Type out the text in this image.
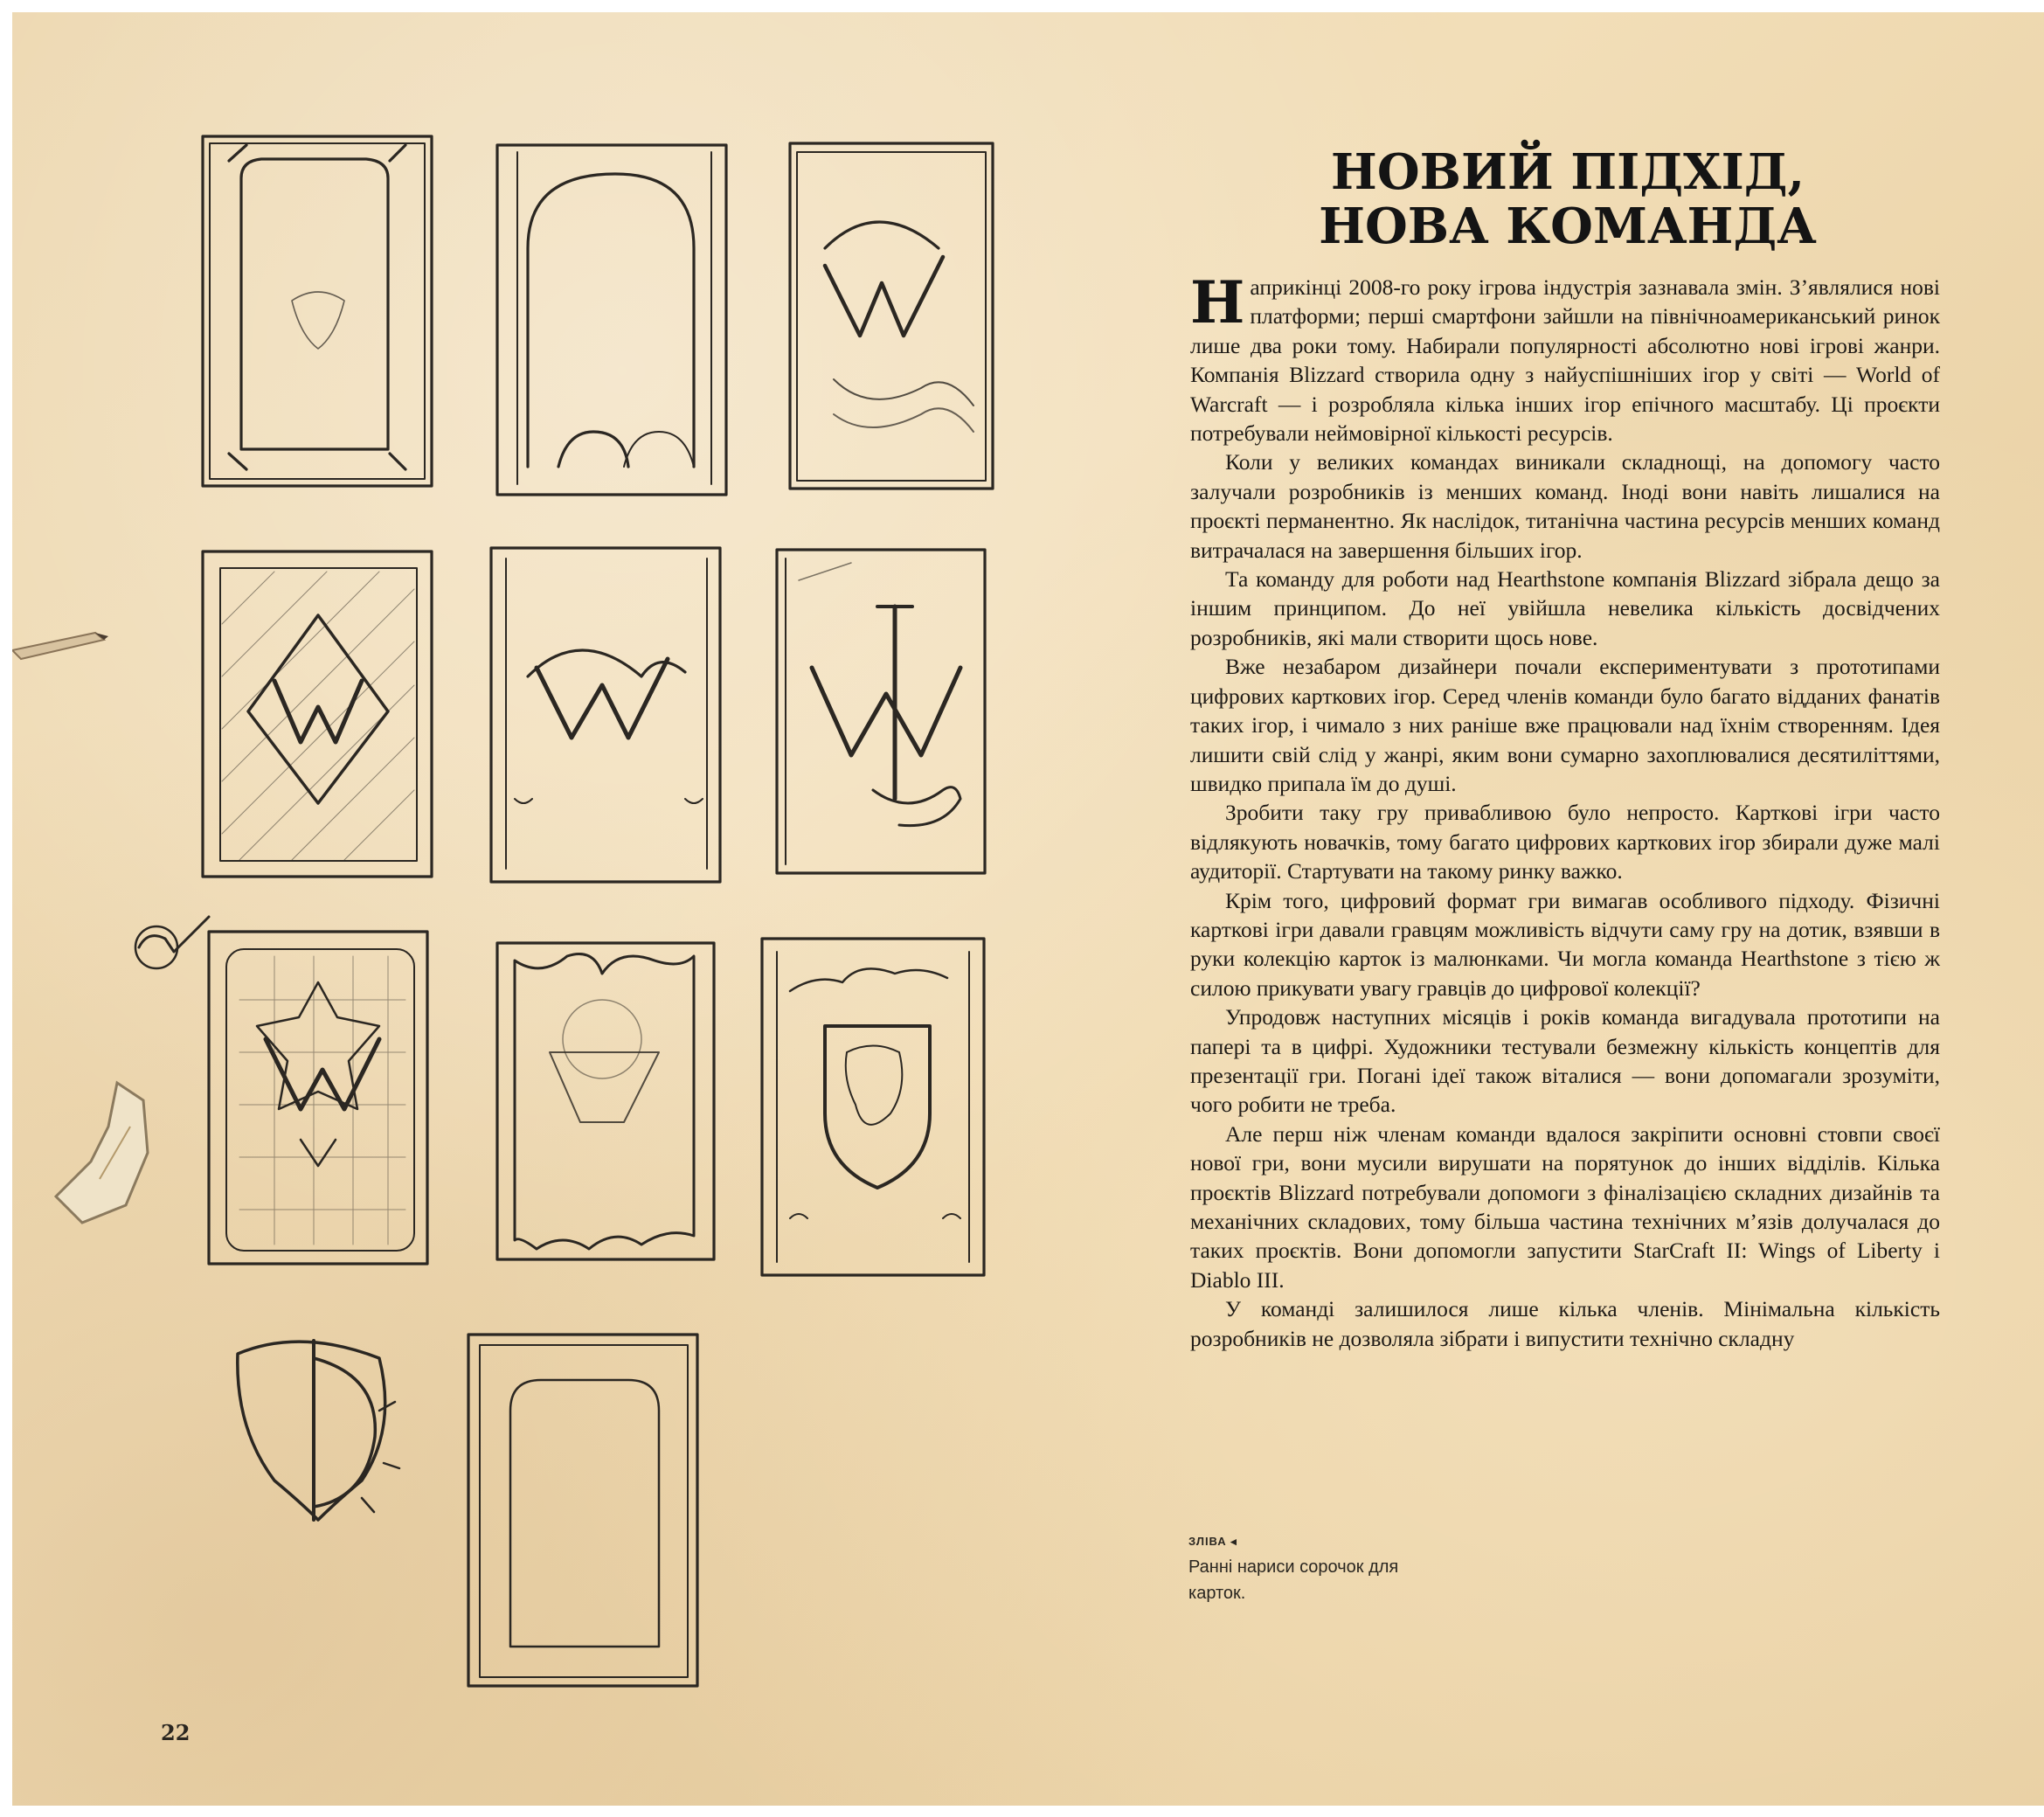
НОВИЙ ПІДХІД,
НОВА КОМАНДА

Наприкінці 2008-го року ігрова індустрія зазнавала змін. З’являлися нові платформи; перші смартфони зайшли на північноамериканський ринок лише два роки тому. Набирали популярності абсолютно нові ігрові жанри. Компанія Blizzard створила одну з найуспішніших ігор у світі — World of Warcraft — і розробляла кілька інших ігор епічного масштабу. Ці проєкти потребували неймовірної кількості ресурсів.

Коли у великих командах виникали складнощі, на допомогу часто залучали розробників із менших команд. Іноді вони навіть лишалися на проєкті перманентно. Як наслідок, титанічна частина ресурсів менших команд витрачалася на завершення більших ігор.

Та команду для роботи над Hearthstone компанія Blizzard зібрала дещо за іншим принципом. До неї увійшла невелика кількість досвідчених розробників, які мали створити щось нове.

Вже незабаром дизайнери почали експериментувати з прототипами цифрових карткових ігор. Серед членів команди було багато відданих фанатів таких ігор, і чимало з них раніше вже працювали над їхнім створенням. Ідея лишити свій слід у жанрі, яким вони сумарно захоплювалися десятиліттями, швидко припала їм до душі.

Зробити таку гру привабливою було непросто. Карткові ігри часто відлякують новачків, тому багато цифрових карткових ігор збирали дуже малі аудиторії. Стартувати на такому ринку важко.

Крім того, цифровий формат гри вимагав особливого підходу. Фізичні карткові ігри давали гравцям можливість відчути саму гру на дотик, взявши в руки колекцію карток із малюнками. Чи могла команда Hearthstone з тією ж силою прикувати увагу гравців до цифрової колекції?

Упродовж наступних місяців і років команда вигадувала прототипи на папері та в цифрі. Художники тестували безмежну кількість концептів для презентації гри. Погані ідеї також віталися — вони допомагали зрозуміти, чого робити не треба.

Але перш ніж членам команди вдалося закріпити основні стовпи своєї нової гри, вони мусили вирушати на порятунок до інших відділів. Кілька проєктів Blizzard потребували допомоги з фіналізацією складних дизайнів та механічних складових, тому більша частина технічних м’язів долучалася до таких проєктів. Вони допомогли запустити StarCraft II: Wings of Liberty і Diablo III.

У команді залишилося лише кілька членів. Мінімальна кількість розробників не дозволяла зібрати і випустити технічно складну

ЗЛІВА ◂
Ранні нариси сорочок для карток.
22
